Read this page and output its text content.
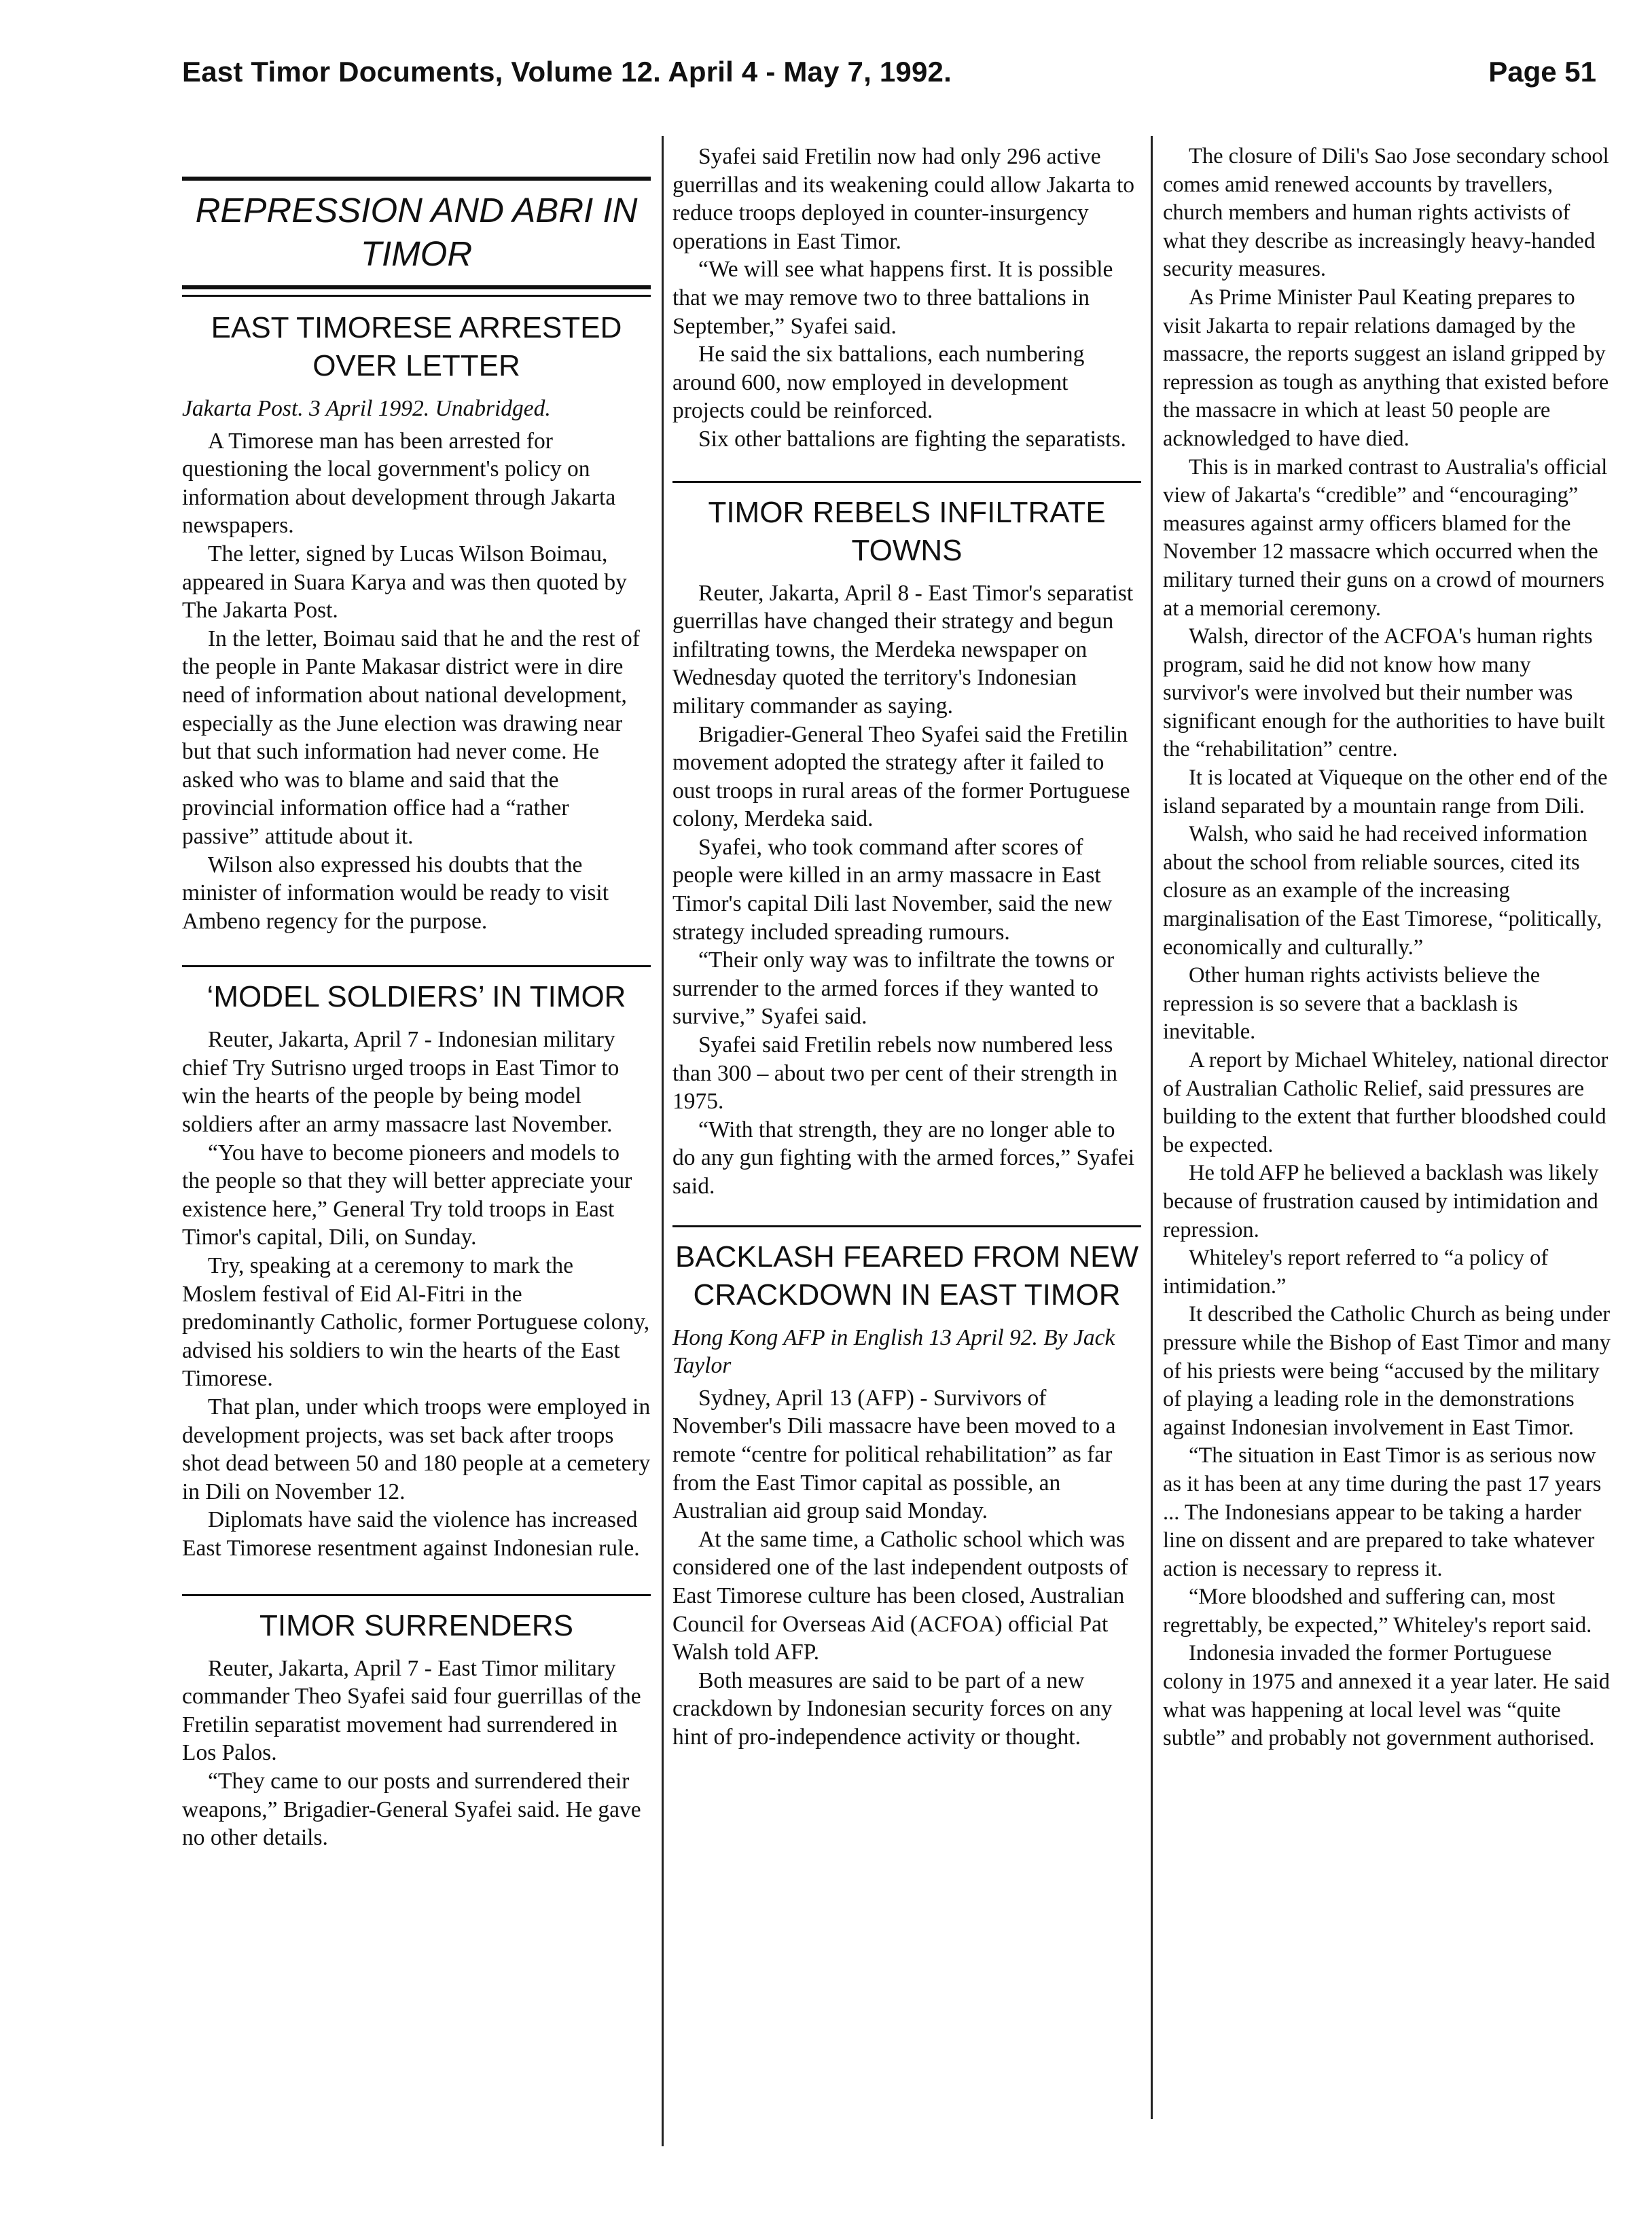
East Timor Documents, Volume 12. April 4 - May 7, 1992.	Page 51
REPRESSION AND ABRI IN TIMOR
EAST TIMORESE ARRESTED OVER LETTER

Jakarta Post. 3 April 1992. Unabridged.

A Timorese man has been arrested for questioning the local government's policy on information about development through Jakarta newspapers.

The letter, signed by Lucas Wilson Boimau, appeared in Suara Karya and was then quoted by The Jakarta Post.

In the letter, Boimau said that he and the rest of the people in Pante Makasar district were in dire need of information about national development, especially as the June election was drawing near but that such information had never come. He asked who was to blame and said that the provincial information office had a “rather passive” attitude about it.

Wilson also expressed his doubts that the minister of information would be ready to visit Ambeno regency for the purpose.

‘MODEL SOLDIERS’ IN TIMOR

Reuter, Jakarta, April 7 - Indonesian military chief Try Sutrisno urged troops in East Timor to win the hearts of the people by being model soldiers after an army massacre last November.

“You have to become pioneers and models to the people so that they will better appreciate your existence here,” General Try told troops in East Timor's capital, Dili, on Sunday.

Try, speaking at a ceremony to mark the Moslem festival of Eid Al-Fitri in the predominantly Catholic, former Portuguese colony, advised his soldiers to win the hearts of the East Timorese.

That plan, under which troops were employed in development projects, was set back after troops shot dead between 50 and 180 people at a cemetery in Dili on November 12.

Diplomats have said the violence has increased East Timorese resentment against Indonesian rule.

TIMOR SURRENDERS

Reuter, Jakarta, April 7 - East Timor military commander Theo Syafei said four guerrillas of the Fretilin separatist movement had surrendered in Los Palos.

“They came to our posts and surrendered their weapons,” Brigadier-General Syafei said. He gave no other details.

Syafei said Fretilin now had only 296 active guerrillas and its weakening could allow Jakarta to reduce troops deployed in counter-insurgency operations in East Timor.

“We will see what happens first. It is possible that we may remove two to three battalions in September,” Syafei said.

He said the six battalions, each numbering around 600, now employed in development projects could be reinforced.

Six other battalions are fighting the separatists.

TIMOR REBELS INFILTRATE TOWNS

Reuter, Jakarta, April 8 - East Timor's separatist guerrillas have changed their strategy and begun infiltrating towns, the Merdeka newspaper on Wednesday quoted the territory's Indonesian military commander as saying.

Brigadier-General Theo Syafei said the Fretilin movement adopted the strategy after it failed to oust troops in rural areas of the former Portuguese colony, Merdeka said.

Syafei, who took command after scores of people were killed in an army massacre in East Timor's capital Dili last November, said the new strategy included spreading rumours.

“Their only way was to infiltrate the towns or surrender to the armed forces if they wanted to survive,” Syafei said.

Syafei said Fretilin rebels now numbered less than 300 – about two per cent of their strength in 1975.

“With that strength, they are no longer able to do any gun fighting with the armed forces,” Syafei said.

BACKLASH FEARED FROM NEW CRACKDOWN IN EAST TIMOR

Hong Kong AFP in English 13 April 92. By Jack Taylor

Sydney, April 13 (AFP) - Survivors of November's Dili massacre have been moved to a remote “centre for political rehabilitation” as far from the East Timor capital as possible, an Australian aid group said Monday.

At the same time, a Catholic school which was considered one of the last independent outposts of East Timorese culture has been closed, Australian Council for Overseas Aid (ACFOA) official Pat Walsh told AFP.

Both measures are said to be part of a new crackdown by Indonesian security forces on any hint of pro-independence activity or thought.

The closure of Dili's Sao Jose secondary school comes amid renewed accounts by travellers, church members and human rights activists of what they describe as increasingly heavy-handed security measures.

As Prime Minister Paul Keating prepares to visit Jakarta to repair relations damaged by the massacre, the reports suggest an island gripped by repression as tough as anything that existed before the massacre in which at least 50 people are acknowledged to have died.

This is in marked contrast to Australia's official view of Jakarta's “credible” and “encouraging” measures against army officers blamed for the November 12 massacre which occurred when the military turned their guns on a crowd of mourners at a memorial ceremony.

Walsh, director of the ACFOA's human rights program, said he did not know how many survivor's were involved but their number was significant enough for the authorities to have built the “rehabilitation” centre.

It is located at Viqueque on the other end of the island separated by a mountain range from Dili.

Walsh, who said he had received information about the school from reliable sources, cited its closure as an example of the increasing marginalisation of the East Timorese, “politically, economically and culturally.”

Other human rights activists believe the repression is so severe that a backlash is inevitable.

A report by Michael Whiteley, national director of Australian Catholic Relief, said pressures are building to the extent that further bloodshed could be expected.

He told AFP he believed a backlash was likely because of frustration caused by intimidation and repression.

Whiteley's report referred to “a policy of intimidation.”

It described the Catholic Church as being under pressure while the Bishop of East Timor and many of his priests were being “accused by the military of playing a leading role in the demonstrations against Indonesian involvement in East Timor.

“The situation in East Timor is as serious now as it has been at any time during the past 17 years ... The Indonesians appear to be taking a harder line on dissent and are prepared to take whatever action is necessary to repress it.

“More bloodshed and suffering can, most regrettably, be expected,” Whiteley's report said.

Indonesia invaded the former Portuguese colony in 1975 and annexed it a year later. He said what was happening at local level was “quite subtle” and probably not government authorised.
